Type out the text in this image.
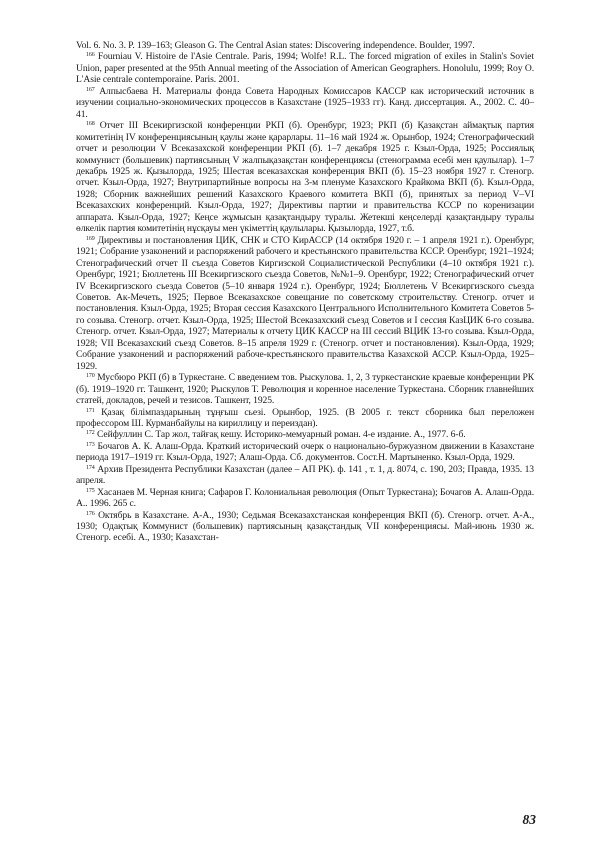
Vol. 6. No. 3. P. 139–163; Gleason G. The Central Asian states: Discovering independence. Boulder, 1997.

$^{166}$ Fourniau V. Histoire de l'Asie Centrale. Paris, 1994; Wolfe! R.L. The forced migration of exiles in Stalin's Soviet Union, paper presented at the 95th Annual meeting of the Association of American Geographers. Honolulu, 1999; Roy O. L'Asie centrale contemporaine. Paris. 2001.

$^{167}$ Алпысбаева Н. Материалы фонда Совета Народных Комиссаров КАССР как исторический источник в изучении социально-экономических процессов в Казахстане (1925–1933 гг). Канд. диссертация. А., 2002. С. 40–41.

$^{168}$ Отчет III Всекиргизской конференции РКП (б). Оренбург, 1923; РКП (б) Қазақстан аймақтық партия комитетінің IV конференциясының қаулы және қарарлары. 11–16 май 1924 ж. Орынбор, 1924; Стенографический отчет и резолюции V Всеказахской конференции РКП (б). 1–7 декабря 1925 г. Кзыл-Орда, 1925; Россиялық коммунист (большевик) партиясының V жалпықазақстан конференциясы (стенограмма есебі мен қаулылар). 1–7 декабрь 1925 ж. Қызылорда, 1925; Шестая всеказахская конференция ВКП (б). 15–23 ноября 1927 г. Стеногр. отчет. Кзыл-Орда, 1927; Внутрипартийные вопросы на 3-м пленуме Казахского Крайкома ВКП (б). Кзыл-Орда, 1928; Сборник важнейших решений Казахского Краевого комитета ВКП (б), принятых за период V–VI Всеказахских конференций. Кзыл-Орда, 1927; Директивы партии и правительства КССР по коренизации аппарата. Кзыл-Орда, 1927; Кеңсе жұмысын қазақтандыру туралы. Жетекші кеңселерді қазақтандыру туралы өлкелік партия комитетінің нұсқауы мен үкіметтің қаулылары. Қызылорда, 1927, т.б.

$^{169}$ Директивы и постановления ЦИК, СНК и СТО КирАССР (14 октября 1920 г. – 1 апреля 1921 г.). Оренбург, 1921; Собрание узаконений и распоряжений рабочего и крестьянского правительства КССР. Оренбург, 1921–1924; Стенографический отчет II съезда Советов Киргизской Социалистической Республики (4–10 октября 1921 г.). Оренбург, 1921; Бюллетень III Всекиргизского съезда Советов, №№1–9. Оренбург, 1922; Стенографический отчет IV Всекиргизского съезда Советов (5–10 января 1924 г.). Оренбург, 1924; Бюллетень V Всекиргизского съезда Советов. Ак-Мечеть, 1925; Первое Всеказахское совещание по советскому строительству. Стеногр. отчет и постановления. Кзыл-Орда, 1925; Вторая сессия Казахского Центрального Исполнительного Комитета Советов 5-го созыва. Стеногр. отчет. Кзыл-Орда, 1925; Шестой Всеказахский съезд Советов и I сессия КазЦИК 6-го созыва. Стеногр. отчет. Кзыл-Орда, 1927; Материалы к отчету ЦИК КАССР на III сессий ВЦИК 13-го созыва. Кзыл-Орда, 1928; VII Всеказахский съезд Советов. 8–15 апреля 1929 г. (Стеногр. отчет и постановления). Кзыл-Орда, 1929; Собрание узаконений и распоряжений рабоче-крестьянского правительства Казахской АССР. Кзыл-Орда, 1925–1929.

$^{170}$ Мусбюро РКП (б) в Туркестане. С введением тов. Рыскулова. 1, 2, 3 туркестанские краевые конференции РК (б). 1919–1920 гг. Ташкент, 1920; Рыскулов Т. Революция и коренное население Туркестана. Сборник главнейших статей, докладов, речей и тезисов. Ташкент, 1925.

$^{171}$ Қазақ білімпаздарының тұңғыш сьезі. Орынбор, 1925. (В 2005 г. текст сборника был переложен профессором Ш. Курманбайулы на кириллицу и переиздан).

$^{172}$ Сейфуллин С. Тар жол, тайғақ кешу. Историко-мемуарный роман. 4-е издание. А., 1977. 6-б.

$^{173}$ Бочагов А. К. Алаш-Орда. Краткий исторический очерк о национально-буржуазном движении в Казахстане периода 1917–1919 гг. Кзыл-Орда, 1927; Алаш-Орда. Сб. документов. Сост.Н. Мартыненко. Кзыл-Орда, 1929.

$^{174}$ Архив Президента Республики Казахстан (далее – АП РК). ф. 141 , т. 1, д. 8074, с. 190, 203; Правда, 1935. 13 апреля.

$^{175}$ Хасанаев М. Черная книга; Сафаров Г. Колониальная революция (Опыт Туркестана); Бочагов А. Алаш-Орда. А.. 1996. 265 с.

$^{176}$ Октябрь в Казахстане. А-А., 1930; Седьмая Всеказахстанская конференция ВКП (б). Стеногр. отчет. А-А., 1930; Одақтық Коммунист (большевик) партиясының қазақстандық VII конференциясы. Май-июнь 1930 ж. Стеногр. есебі. А., 1930; Казахстан-

83
